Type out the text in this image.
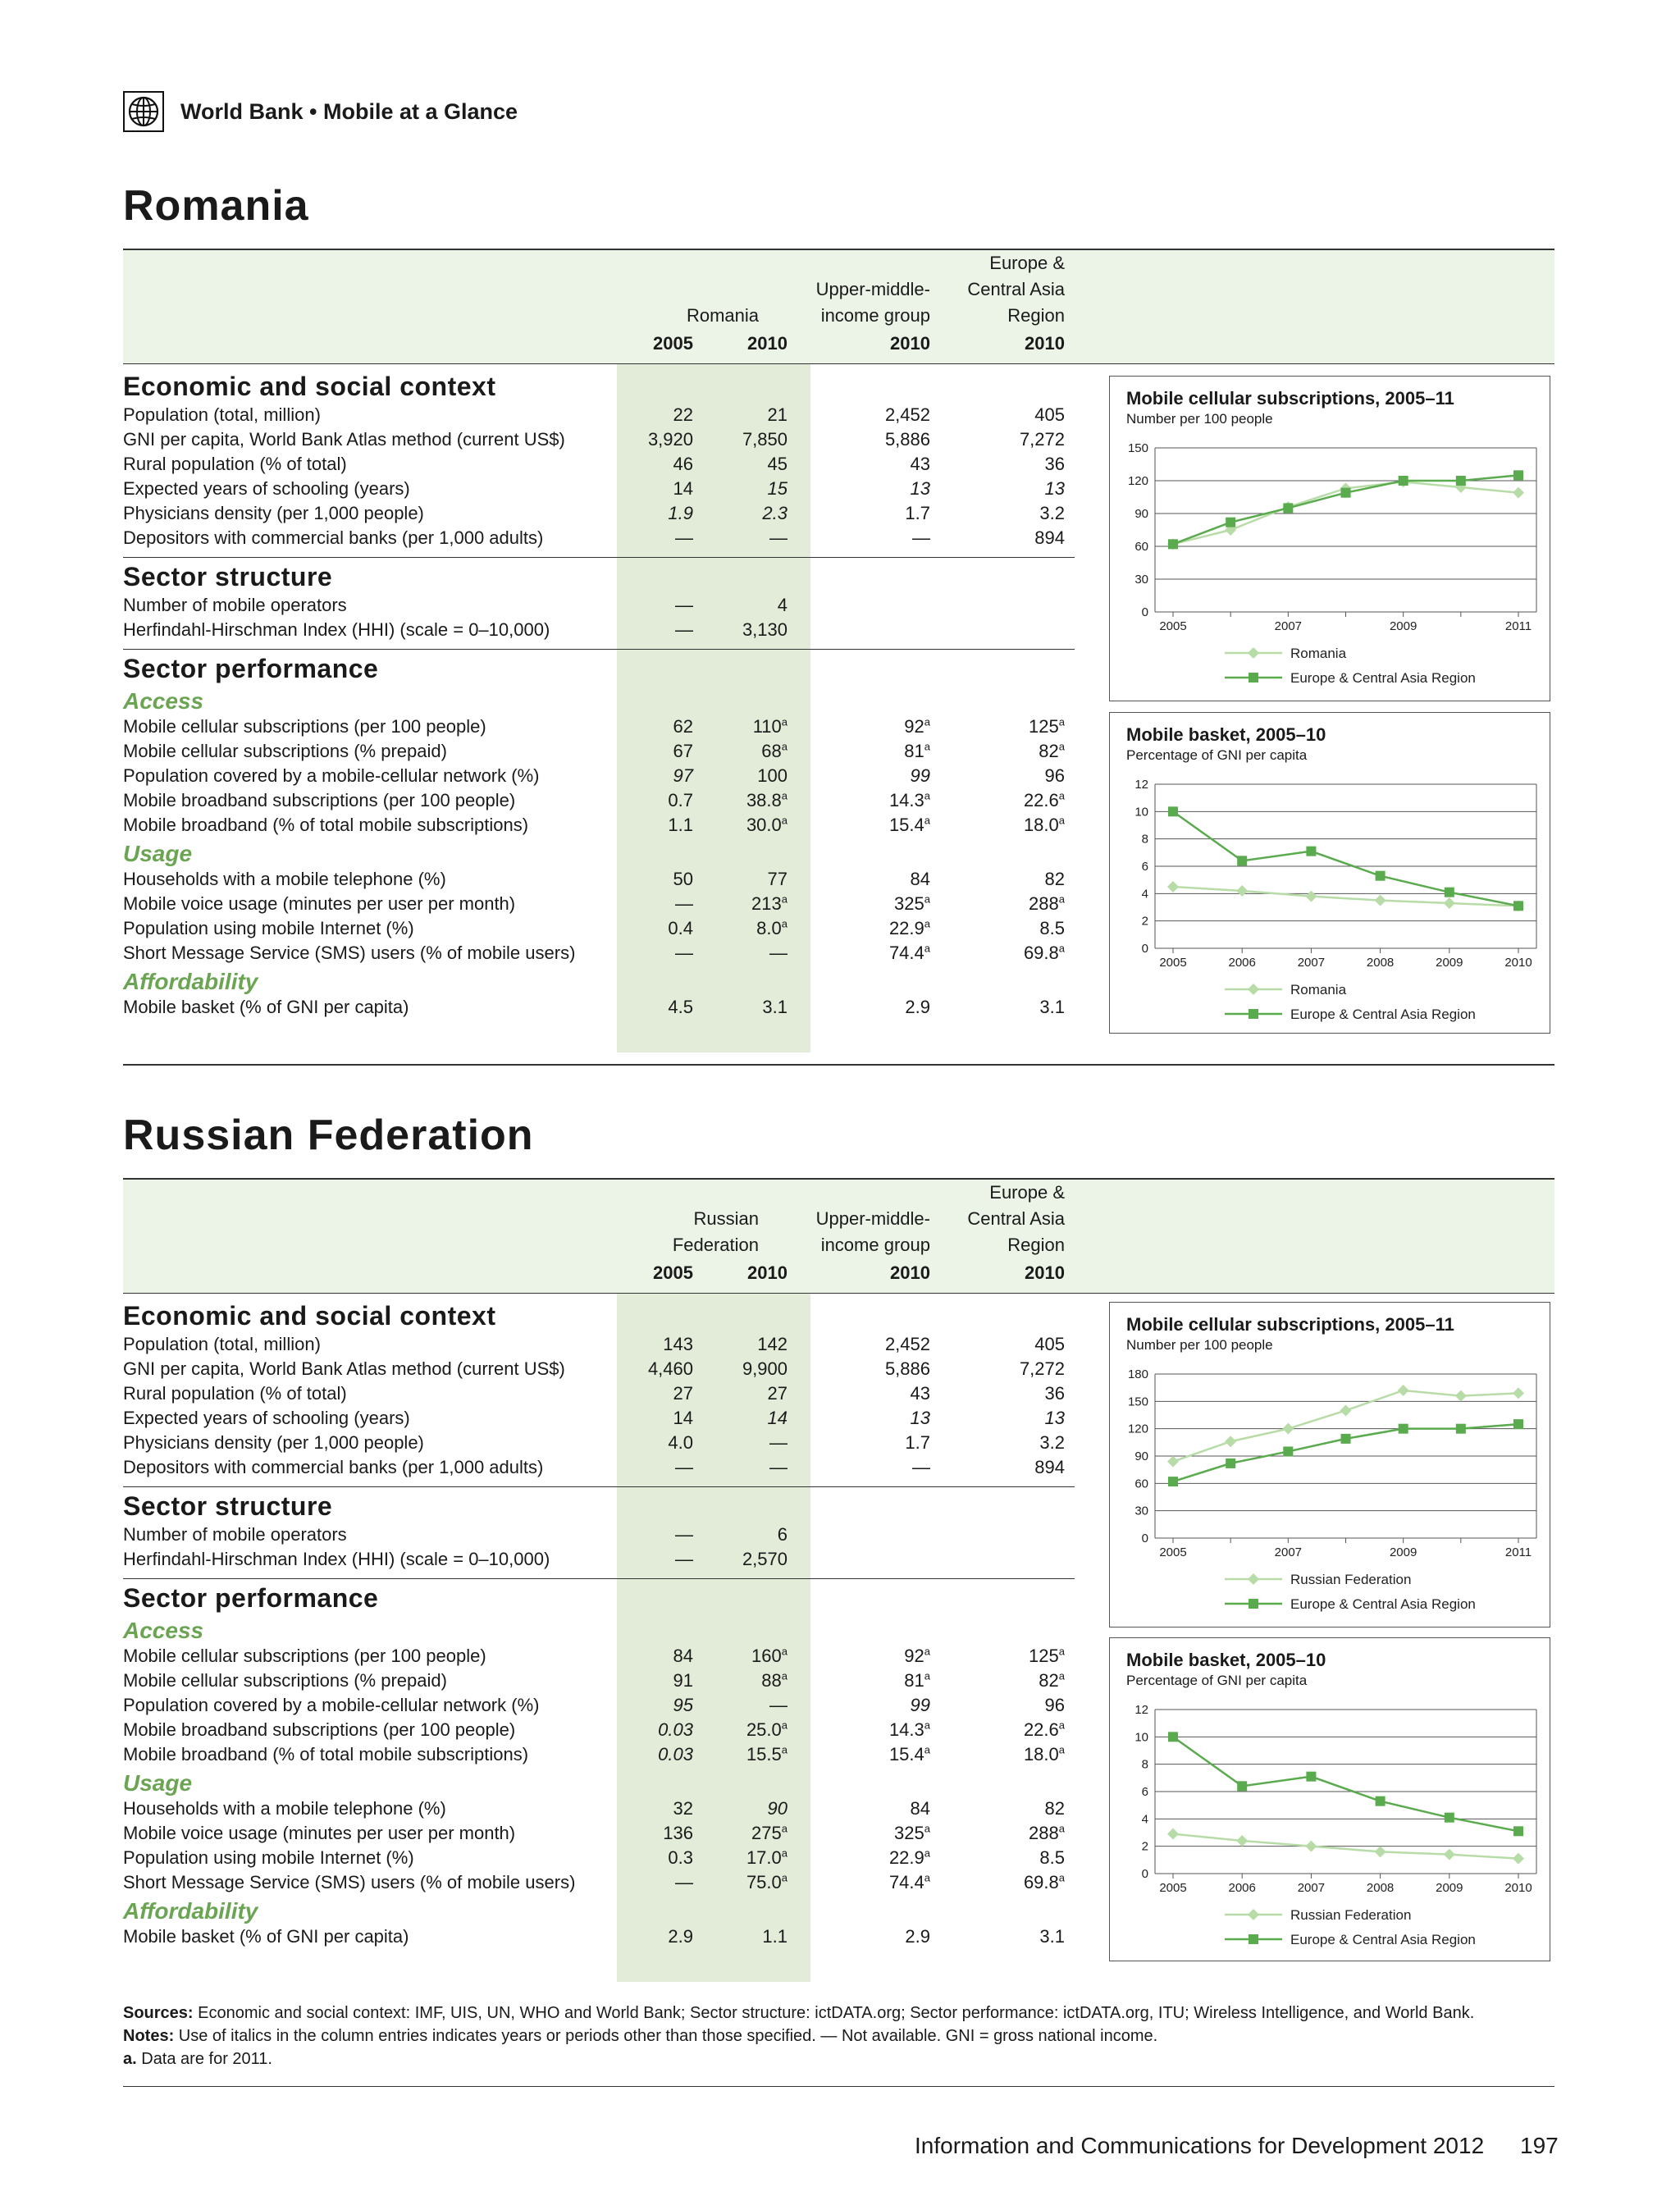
World Bank • Mobile at a Glance
Romania
Romania
Upper-middle-
income group
Europe &
Central Asia
Region
2005	2010	2010	2010
Economic and social context
Population (total, million)	22	21	2,452	405
GNI per capita, World Bank Atlas method (current US$)	3,920	7,850	5,886	7,272
Rural population (% of total)	46	45	43	36
Expected years of schooling (years)	14	15	13	13
Physicians density (per 1,000 people)	1.9	2.3	1.7	3.2
Depositors with commercial banks (per 1,000 adults)	—	—	—	894
Sector structure
Number of mobile operators	—	4
Herfindahl-Hirschman Index (HHI) (scale = 0–10,000)	—	3,130
Sector performance
Access
Mobile cellular subscriptions (per 100 people)	62	110$^a$	92$^a$	125$^a$
Mobile cellular subscriptions (% prepaid)	67	68$^a$	81$^a$	82$^a$
Population covered by a mobile-cellular network (%)	97	100	99	96
Mobile broadband subscriptions (per 100 people)	0.7	38.8$^a$	14.3$^a$	22.6$^a$
Mobile broadband (% of total mobile subscriptions)	1.1	30.0$^a$	15.4$^a$	18.0$^a$
Usage
Households with a mobile telephone (%)	50	77	84	82
Mobile voice usage (minutes per user per month)	—	213$^a$	325$^a$	288$^a$
Population using mobile Internet (%)	0.4	8.0$^a$	22.9$^a$	8.5
Short Message Service (SMS) users (% of mobile users)	—	—	74.4$^a$	69.8$^a$
Affordability
Mobile basket (% of GNI per capita)	4.5	3.1	2.9	3.1
Russian Federation
Russian
Federation
Upper-middle-
income group
Europe &
Central Asia
Region
2005	2010	2010	2010
Economic and social context
Population (total, million)	143	142	2,452	405
GNI per capita, World Bank Atlas method (current US$)	4,460	9,900	5,886	7,272
Rural population (% of total)	27	27	43	36
Expected years of schooling (years)	14	14	13	13
Physicians density (per 1,000 people)	4.0	—	1.7	3.2
Depositors with commercial banks (per 1,000 adults)	—	—	—	894
Sector structure
Number of mobile operators	—	6
Herfindahl-Hirschman Index (HHI) (scale = 0–10,000)	—	2,570
Sector performance
Access
Mobile cellular subscriptions (per 100 people)	84	160$^a$	92$^a$	125$^a$
Mobile cellular subscriptions (% prepaid)	91	88$^a$	81$^a$	82$^a$
Population covered by a mobile-cellular network (%)	95	—	99	96
Mobile broadband subscriptions (per 100 people)	0.03	25.0$^a$	14.3$^a$	22.6$^a$
Mobile broadband (% of total mobile subscriptions)	0.03	15.5$^a$	15.4$^a$	18.0$^a$
Usage
Households with a mobile telephone (%)	32	90	84	82
Mobile voice usage (minutes per user per month)	136	275$^a$	325$^a$	288$^a$
Population using mobile Internet (%)	0.3	17.0$^a$	22.9$^a$	8.5
Short Message Service (SMS) users (% of mobile users)	—	75.0$^a$	74.4$^a$	69.8$^a$
Affordability
Mobile basket (% of GNI per capita)	2.9	1.1	2.9	3.1
Sources: Economic and social context: IMF, UIS, UN, WHO and World Bank; Sector structure: ictDATA.org; Sector performance: ictDATA.org, ITU; Wireless Intelligence, and World Bank.
Notes: Use of italics in the column entries indicates years or periods other than those specified. — Not available. GNI = gross national income.
a. Data are for 2011.
Information and Communications for Development 2012 197
Mobile cellular subscriptions, 2005–11
Number per 100 people
0
30
60
90
120
150
2005	2007	2009	2011
Romania
Europe & Central Asia Region
Mobile basket, 2005–10
Percentage of GNI per capita
0
2
4
6
8
10
12
2005	2006	2007	2008	2009	2010
Romania
Europe & Central Asia Region
Mobile cellular subscriptions, 2005–11
Number per 100 people
0
30
60
90
120
150
180
2005	2007	2009	2011
Russian Federation
Europe & Central Asia Region
Mobile basket, 2005–10
Percentage of GNI per capita
0
2
4
6
8
10
12
2005	2006	2007	2008	2009	2010
Russian Federation
Europe & Central Asia Region
